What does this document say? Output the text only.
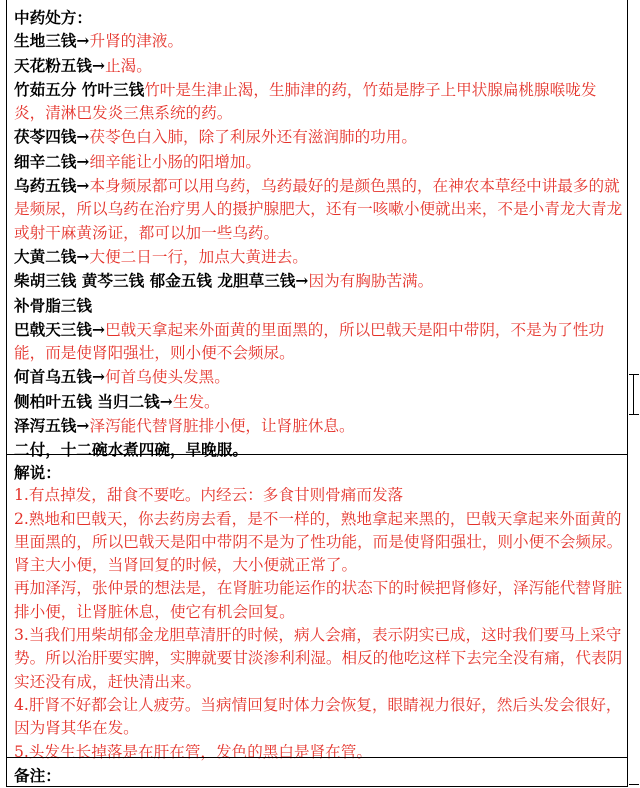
中药处方：
生地三钱→升肾的津液。
天花粉五钱→止渴。
竹茹五分 竹叶三钱竹叶是生津止渴，生肺津的药，竹茹是脖子上甲状腺扁桃腺喉咙发炎，清淋巴发炎三焦系统的药。
茯苓四钱→茯苓色白入肺，除了利尿外还有滋润肺的功用。
细辛二钱→细辛能让小肠的阳增加。
乌药五钱→本身频尿都可以用乌药，乌药最好的是颜色黑的，在神农本草经中讲最多的就是频尿，所以乌药在治疗男人的摄护腺肥大，还有一咳嗽小便就出来，不是小青龙大青龙或射干麻黄汤证，都可以加一些乌药。
大黄二钱→大便二日一行，加点大黄进去。
柴胡三钱 黄芩三钱 郁金五钱 龙胆草三钱→因为有胸胁苦满。
补骨脂三钱
巴戟天三钱→巴戟天拿起来外面黄的里面黑的，所以巴戟天是阳中带阴，不是为了性功能，而是使肾阳强壮，则小便不会频尿。
何首乌五钱→何首乌使头发黑。
侧柏叶五钱 当归二钱→生发。
泽泻五钱→泽泻能代替肾脏排小便，让肾脏休息。
二付，十二碗水煮四碗，早晚服。
解说：
1.有点掉发，甜食不要吃。内经云：多食甘则骨痛而发落
2.熟地和巴戟天，你去药房去看，是不一样的，熟地拿起来黑的，巴戟天拿起来外面黄的里面黑的，所以巴戟天是阳中带阴不是为了性功能，而是使肾阳强壮，则小便不会频尿。肾主大小便，当肾回复的时候，大小便就正常了。
再加泽泻，张仲景的想法是，在肾脏功能运作的状态下的时候把肾修好，泽泻能代替肾脏排小便，让肾脏休息，使它有机会回复。
3.当我们用柴胡郁金龙胆草清肝的时候，病人会痛，表示阴实已成，这时我们要马上采守势。所以治肝要实脾，实脾就要甘淡渗利利湿。相反的他吃这样下去完全没有痛，代表阴实还没有成，赶快清出来。
4.肝肾不好都会让人疲劳。当病情回复时体力会恢复，眼睛视力很好，然后头发会很好，因为肾其华在发。
5.头发生长掉落是在肝在管，发色的黑白是肾在管。
备注：
